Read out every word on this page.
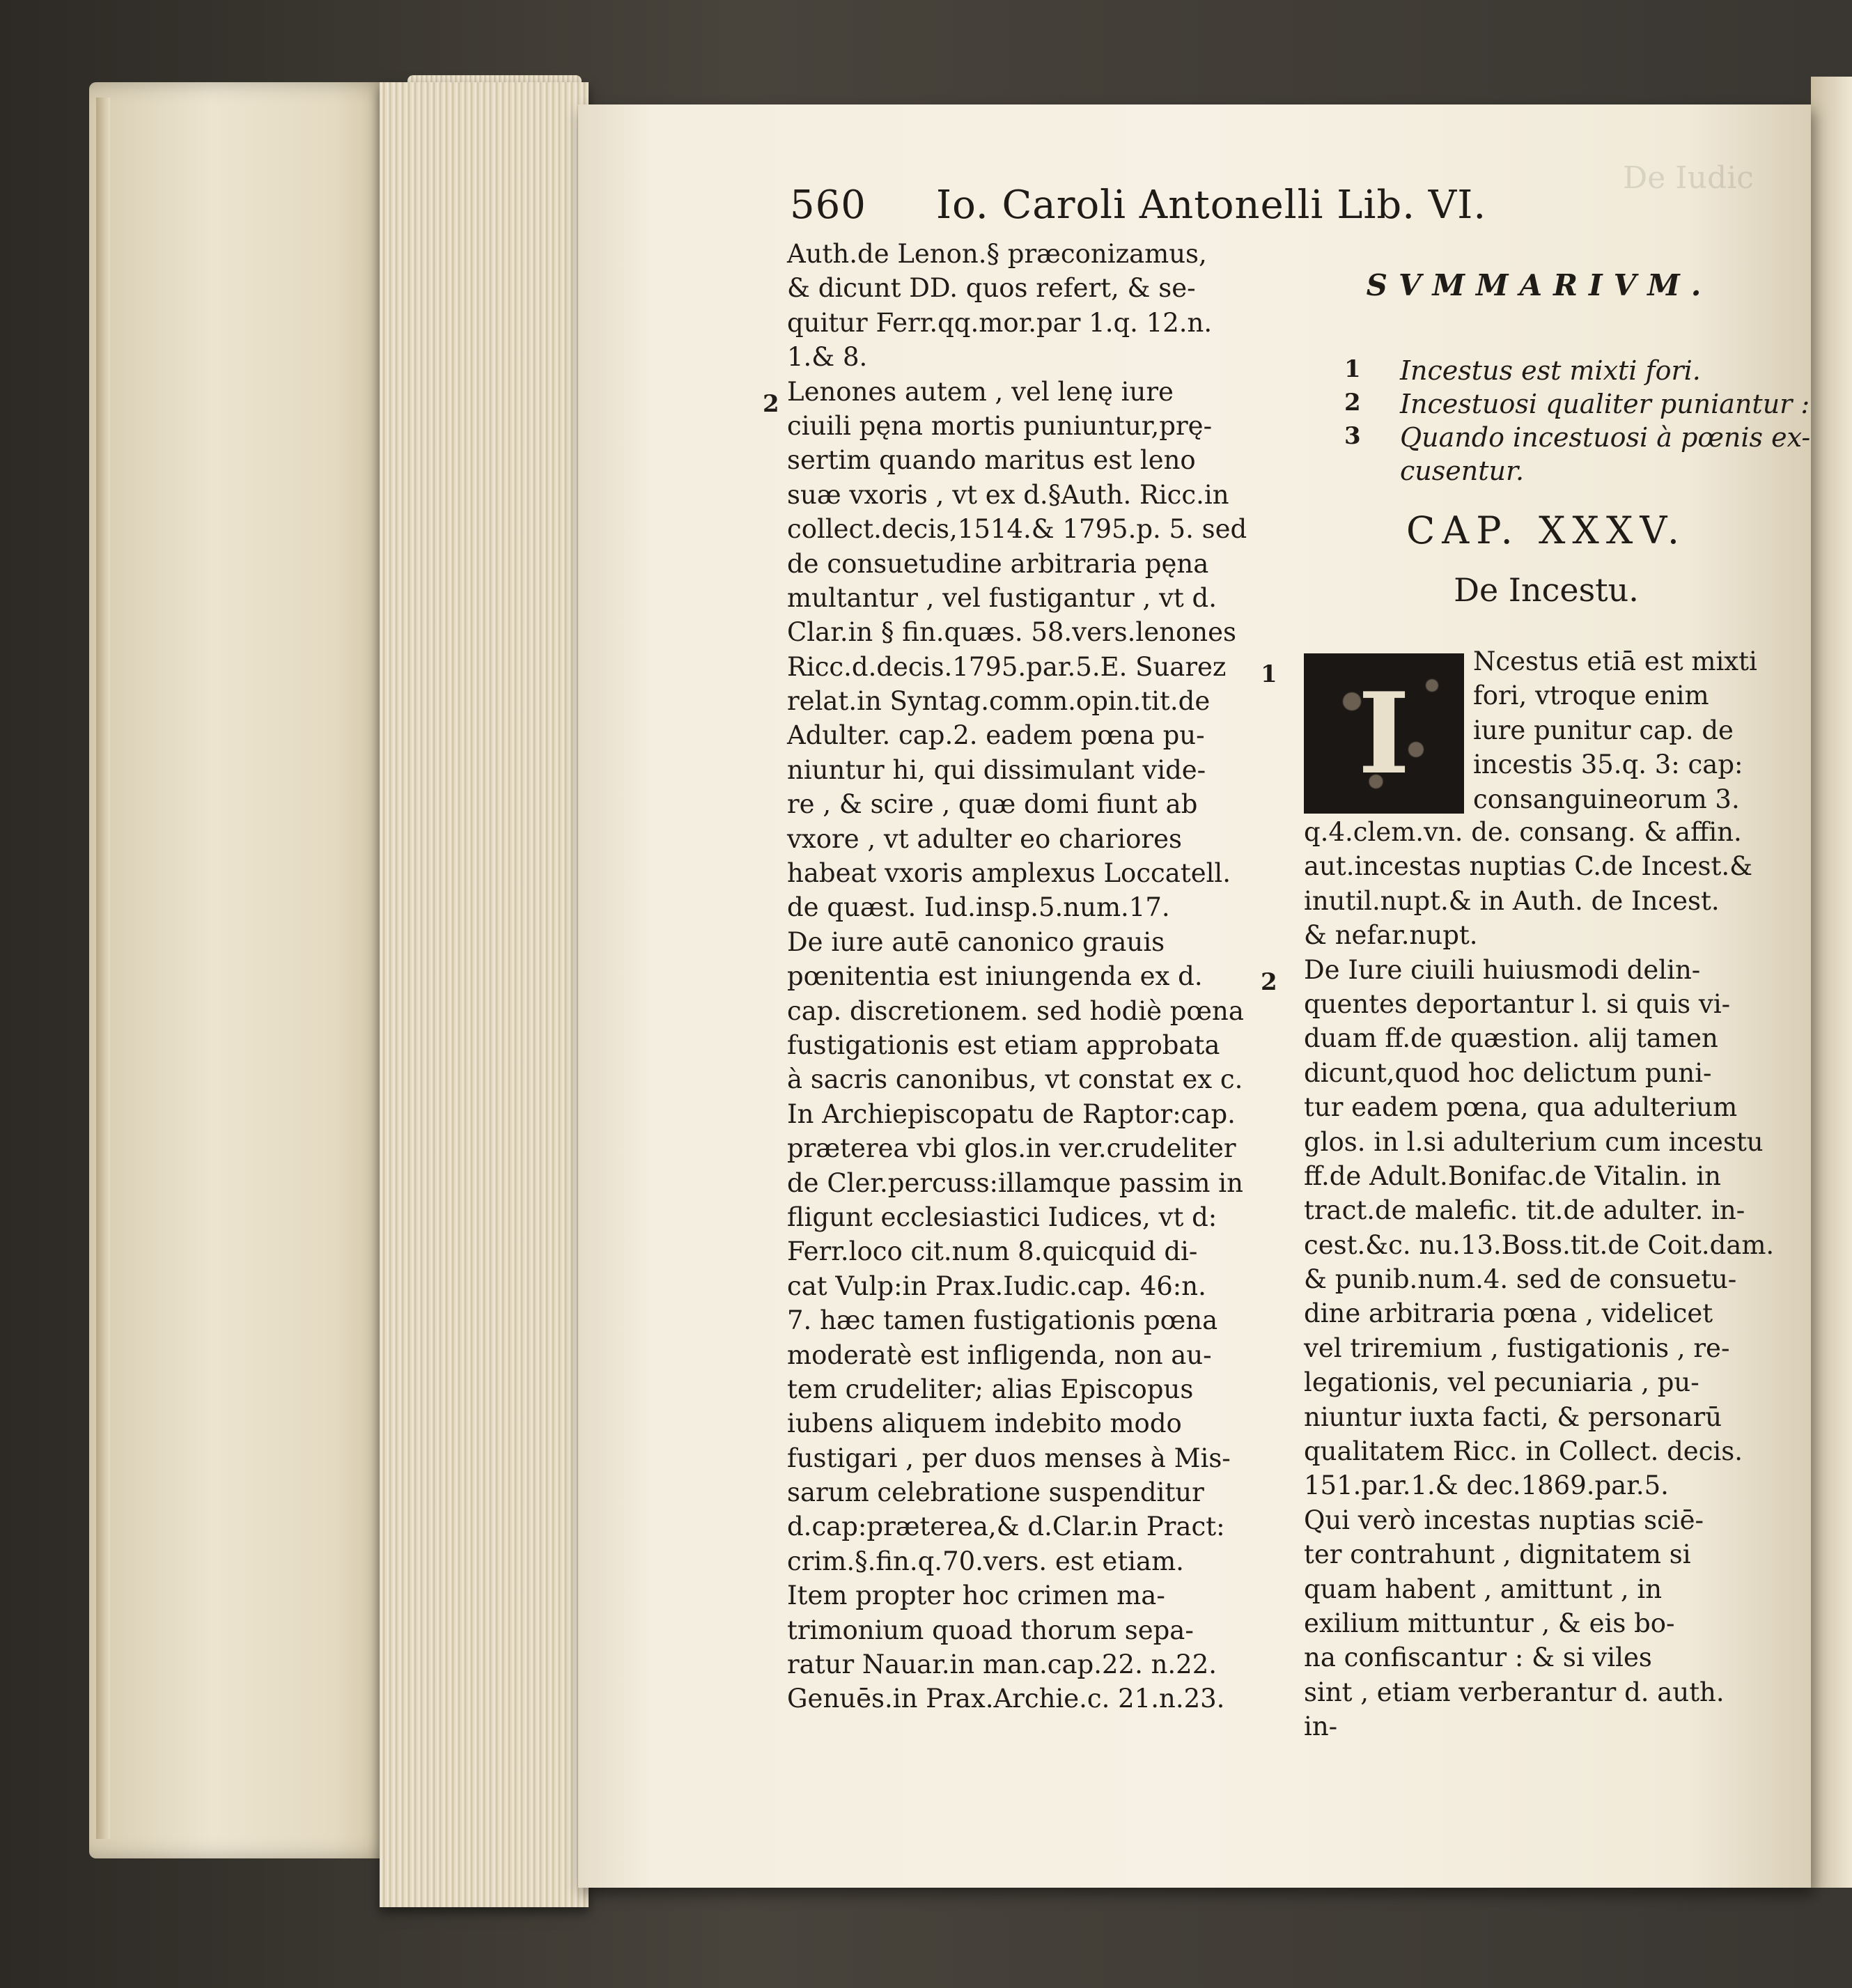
De Iudic
560 Io. Caroli Antonelli Lib. VI.
Auth.de Lenon.§ præconizamus,
& dicunt DD. quos refert, & se-
quitur Ferr.qq.mor.par 1.q. 12.n.
1.& 8.
Lenones autem , vel lenę iure
ciuili pęna mortis puniuntur,prę-
sertim quando maritus est leno
suæ vxoris , vt ex d.§Auth. Ricc.in
collect.decis,1514.& 1795.p. 5. sed
de consuetudine arbitraria pęna
multantur , vel fustigantur , vt d.
Clar.in § fin.quæs. 58.vers.lenones
Ricc.d.decis.1795.par.5.E. Suarez
relat.in Syntag.comm.opin.tit.de
Adulter. cap.2. eadem pœna pu-
niuntur hi, qui dissimulant vide-
re , & scire , quæ domi fiunt ab
vxore , vt adulter eo chariores
habeat vxoris amplexus Loccatell.
de quæst. Iud.insp.5.num.17.
De iure autē canonico grauis
pœnitentia est iniungenda ex d.
cap. discretionem. sed hodiè pœna
fustigationis est etiam approbata
à sacris canonibus, vt constat ex c.
In Archiepiscopatu de Raptor:cap.
præterea vbi glos.in ver.crudeliter
de Cler.percuss:illamque passim in
fligunt ecclesiastici Iudices, vt d:
Ferr.loco cit.num 8.quicquid di-
cat Vulp:in Prax.Iudic.cap. 46:n.
7. hæc tamen fustigationis pœna
moderatè est infligenda, non au-
tem crudeliter; alias Episcopus
iubens aliquem indebito modo
fustigari , per duos menses à Mis-
sarum celebratione suspenditur
d.cap:præterea,& d.Clar.in Pract:
crim.§.fin.q.70.vers. est etiam.
Item propter hoc crimen ma-
trimonium quoad thorum sepa-
ratur Nauar.in man.cap.22. n.22.
Genuēs.in Prax.Archie.c. 21.n.23.
2
SVMMARIVM.
1	Incestus est mixti fori.
2	Incestuosi qualiter puniantur :
3	Quando incestuosi à pœnis ex-
cusentur.
CAP. XXXV.
De Incestu.
I
1
2
Ncestus etiā est mixti
fori, vtroque enim
iure punitur cap. de
incestis 35.q. 3: cap:
consanguineorum 3.
q.4.clem.vn. de. consang. & affin.
aut.incestas nuptias C.de Incest.&
inutil.nupt.& in Auth. de Incest.
& nefar.nupt.
De Iure ciuili huiusmodi delin-
quentes deportantur l. si quis vi-
duam ff.de quæstion. alij tamen
dicunt,quod hoc delictum puni-
tur eadem pœna, qua adulterium
glos. in l.si adulterium cum incestu
ff.de Adult.Bonifac.de Vitalin. in
tract.de malefic. tit.de adulter. in-
cest.&c. nu.13.Boss.tit.de Coit.dam.
& punib.num.4. sed de consuetu-
dine arbitraria pœna , videlicet
vel triremium , fustigationis , re-
legationis, vel pecuniaria , pu-
niuntur iuxta facti, & personarū
qualitatem Ricc. in Collect. decis.
151.par.1.& dec.1869.par.5.
Qui verò incestas nuptias sciē-
ter contrahunt , dignitatem si
quam habent , amittunt , in
exilium mittuntur , & eis bo-
na confiscantur : & si viles
sint , etiam verberantur d. auth.
in-
